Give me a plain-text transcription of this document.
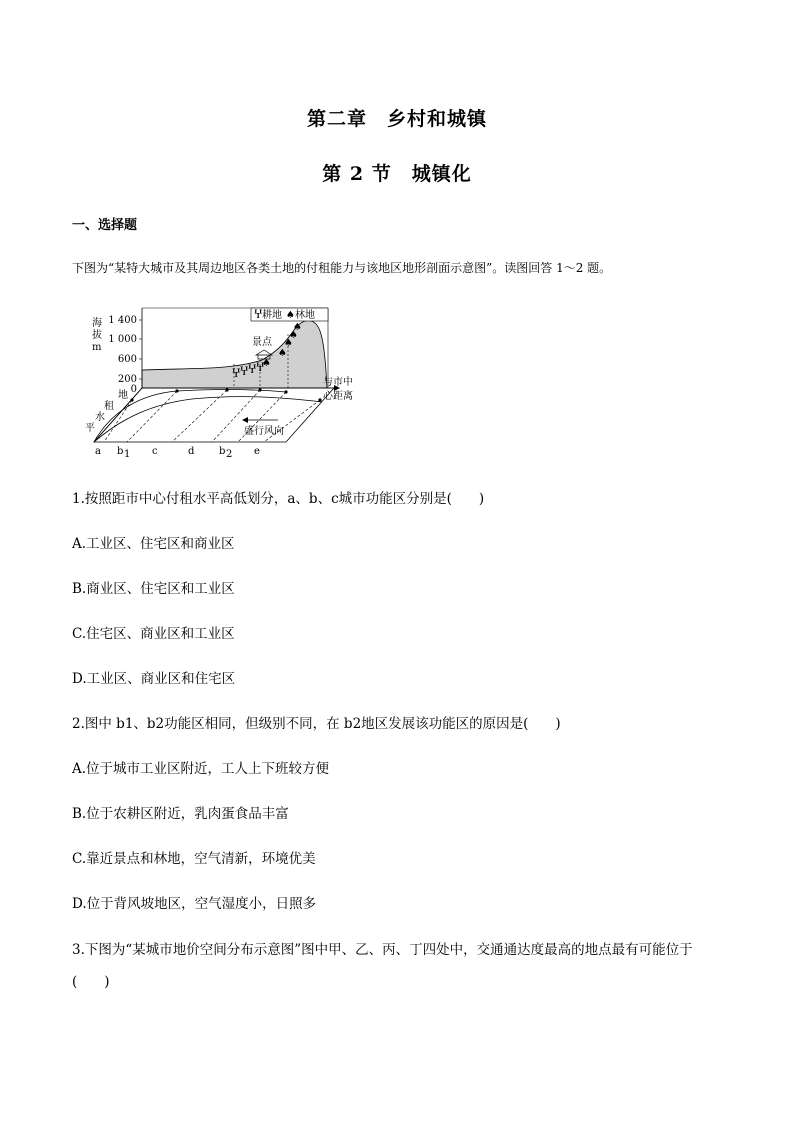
第二章　乡村和城镇
第 2 节　城镇化
一、选择题
下图为“某特大城市及其周边地区各类土地的付租能力与该地区地形剖面示意图”。读图回答 1～2 题。
Ⴤ Ⴤ Ⴤ Ⴤ
♠
♠
♠
♠
♠
景点
Ⴤ 耕地 ♠ 林地
海
拔
m
1 400
1 000
600
200
0
地
租
水
平
与市中
心距离
盛行风向
a b 1 c	d b 2 e
1.按照距市中心付租水平高低划分，a、b、c城市功能区分别是(　　)
A.工业区、住宅区和商业区
B.商业区、住宅区和工业区
C.住宅区、商业区和工业区
D.工业区、商业区和住宅区
2.图中 b1、b2功能区相同，但级别不同，在 b2地区发展该功能区的原因是(　　)
A.位于城市工业区附近，工人上下班较方便
B.位于农耕区附近，乳肉蛋食品丰富
C.靠近景点和林地，空气清新，环境优美
D.位于背风坡地区，空气湿度小，日照多
3.下图为“某城市地价空间分布示意图”图中甲、乙、丙、丁四处中，交通通达度最高的地点最有可能位于
(　　)
